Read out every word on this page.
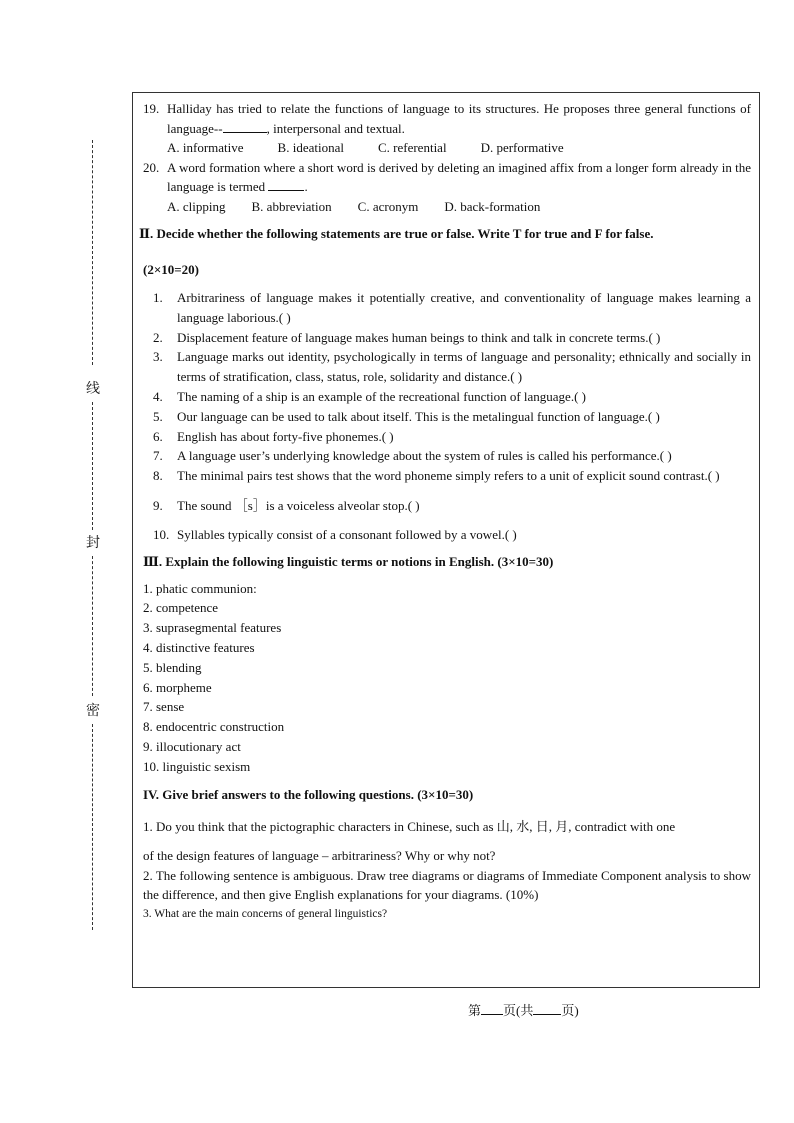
线
封
密
19. Halliday has tried to relate the functions of language to its structures. He proposes three general functions of language--	, interpersonal and textual.
A. informative	B. ideational	C. referential	D. performative
20. A word formation where a short word is derived by deleting an imagined affix from a longer form already in the language is termed	.
A. clipping B. abbreviation C. acronym D. back-formation
Ⅱ. Decide whether the following statements are true or false. Write T for true and F for false.
(2×10=20)
1.	Arbitrariness of language makes it potentially creative, and conventionality of language makes learning a language laborious.( )
2.	Displacement feature of language makes human beings to think and talk in concrete terms.( )
3.	Language marks out identity, psychologically in terms of language and personality; ethnically and socially in terms of stratification, class, status, role, solidarity and distance.( )
4.	The naming of a ship is an example of the recreational function of language.( )
5.	Our language can be used to talk about itself. This is the metalingual function of language.( )
6.	English has about forty-five phonemes.( )
7.	A language user’s underlying knowledge about the system of rules is called his performance.( )
8.	The minimal pairs test shows that the word phoneme simply refers to a unit of explicit sound contrast.( )
9.	The sound ［s］is a voiceless alveolar stop.( )
10. Syllables typically consist of a consonant followed by a vowel.( )
Ⅲ. Explain the following linguistic terms or notions in English. (3×10=30)
1. phatic communion:
2. competence
3. suprasegmental features
4. distinctive features
5. blending
6. morpheme
7. sense
8. endocentric construction
9. illocutionary act
10. linguistic sexism
IV. Give brief answers to the following questions. (3×10=30)
1. Do you think that the pictographic characters in Chinese, such as 山, 水, 日, 月, contradict with one
of the design features of language – arbitrariness? Why or why not?
2. The following sentence is ambiguous. Draw tree diagrams or diagrams of Immediate Component analysis to show the difference, and then give English explanations for your diagrams. (10%)
3. What are the main concerns of general linguistics?
第 页(共 页)
